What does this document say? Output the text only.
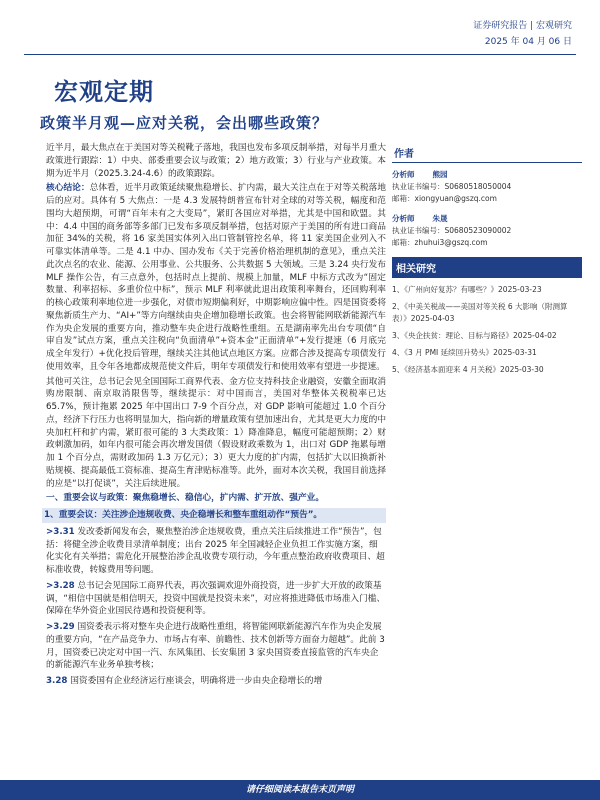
证券研究报告 | 宏观研究
2025 年 04 月 06 日
宏观定期
政策半月观—应对关税，会出哪些政策？

近半月，最大焦点在于美国对等关税靴子落地，我国也发布多项反制举措，对每半月重大政策进行跟踪：1）中央、部委重要会议与政策；2）地方政策；3）行业与产业政策。本期为近半月（2025.3.24-4.6）的政策跟踪。

核心结论：总体看，近半月政策延续聚焦稳增长、扩内需，最大关注点在于对等关税落地后的应对。具体有 5 大焦点：一是 4.3 发展特朗普宣布针对全球的对等关税，幅度和范围均大超预期，可谓“百年未有之大变局”，紧盯各国应对举措，尤其是中国和欧盟。其中：4.4 中国的商务部等多部门已发布多项反制举措，包括对原产于美国的所有进口商品加征 34%的关税，将 16 家美国实体列入出口管制管控名单，将 11 家美国企业列入不可靠实体清单等。二是 4.1 中办、国办发布《关于完善价格治理机制的意见》，重点关注此次点名的农业、能源、公用事业、公共服务、公共数据 5 大领域。三是 3.24 央行发布 MLF 操作公告，有三点意外，包括时点上提前、规模上加量，MLF 中标方式改为“固定数量、利率招标、多重价位中标”，预示 MLF 利率就此退出政策利率舞台，还回购利率的核心政策利率地位进一步强化，对债市短期偏利好，中期影响应偏中性。四是国资委将聚焦新质生产力、“AI+”等方向继续由央企增加稳增长政策。也会将智能网联新能源汽车作为央企发展的重要方向，推动整车央企进行战略性重组。五是湖南率先出台专项债“自审自发”试点方案，重点关注税向“负面清单”+资本金“正面清单”+发行提速（6 月底完成全年发行）+优化投后管理，继续关注其他试点地区方案。应都合涉及提高专项债发行使用效率，且令年各地都成规范使文件后，明年专项债发行和使用效率有望进一步提速。

其他可关注，总书记会见全国国际工商界代表、金方位支持科技企业融资，安徽全面取消购房限制、南京取消限售等，继续提示：对中国而言，美国对华整体关税税率已达 65.7%，预计拖累 2025 年中国出口 7-9 个百分点，对 GDP 影响可能超过 1.0 个百分点，经济下行压力也将明显加大，指向新的增量政策有望加速出台，尤其是更大力度的中央加杠杆和扩内需，紧盯很可能的 3 大类政策：1）降准降息，幅度可能超预期；2）财政刺激加码，如年内很可能会再次增发国债（假设财政乘数为 1，出口对 GDP 拖累每增加 1 个百分点，需财政加码 1.3 万亿元）；3）更大力度的扩内需，包括扩大以旧换新补贴规模、提高最低工资标准、提高生育津贴标准等。此外，面对本次关税，我国目前选择的应是“以打促谈”，关注后续进展。

一、重要会议与政策：聚焦稳增长、稳信心，扩内需、扩开放、强产业。
1、重要会议：关注涉企违规收费、央企稳增长和整车重组动作“预告”。
>3.31 发改委新闻发布会，聚焦整治涉企违规收费，重点关注后续推进工作“预告”，包括：将健全涉企收费目录清单制度；出台 2025 年全国减轻企业负担工作实施方案，细化实化有关举措；需危化开展整治涉企乱收费专项行动，今年重点整治政府收费项目、超标准收费，转嫁费用等问题。
>3.28 总书记会见国际工商界代表，再次强调欢迎外商投资，进一步扩大开放的政策基调，“相信中国就是相信明天，投资中国就是投资未来”，对应将推进降低市场准入门槛、保障在华外资企业国民待遇和投资便利等。
>3.29 国资委表示将对整车央企进行战略性重组，将智能网联新能源汽车作为央企发展的重要方向，“在产品竞争力、市场占有率、前瞻性、技术创新等方面奋力超越”。此前 3 月，国资委已决定对中国一汽、东风集团、长安集团 3 家央国资委直接监管的汽车央企的新能源汽车业务单独考核；
3.28 国资委国有企业经济运行座谈会，明确将进一步由央企稳增长的增
作者
分析师 熊园
执业证书编号：S0680518050004
邮箱：xiongyuan@gszq.com
分析师 朱晟
执业证书编号：S0680523090002
邮箱：zhuhui3@gszq.com
相关研究
1、《广州向好复苏？有哪些？》2025-03-23
2、《中美关税战——美国对等关税 6 大影响（附测算表）》2025-04-03
3、《央企扶贫：理论、目标与路径》2025-04-02
4、《3 月 PMI 延续回升势头》2025-03-31
5、《经济基本面迎来 4 月关税》2025-03-30
请仔细阅读本报告末页声明
